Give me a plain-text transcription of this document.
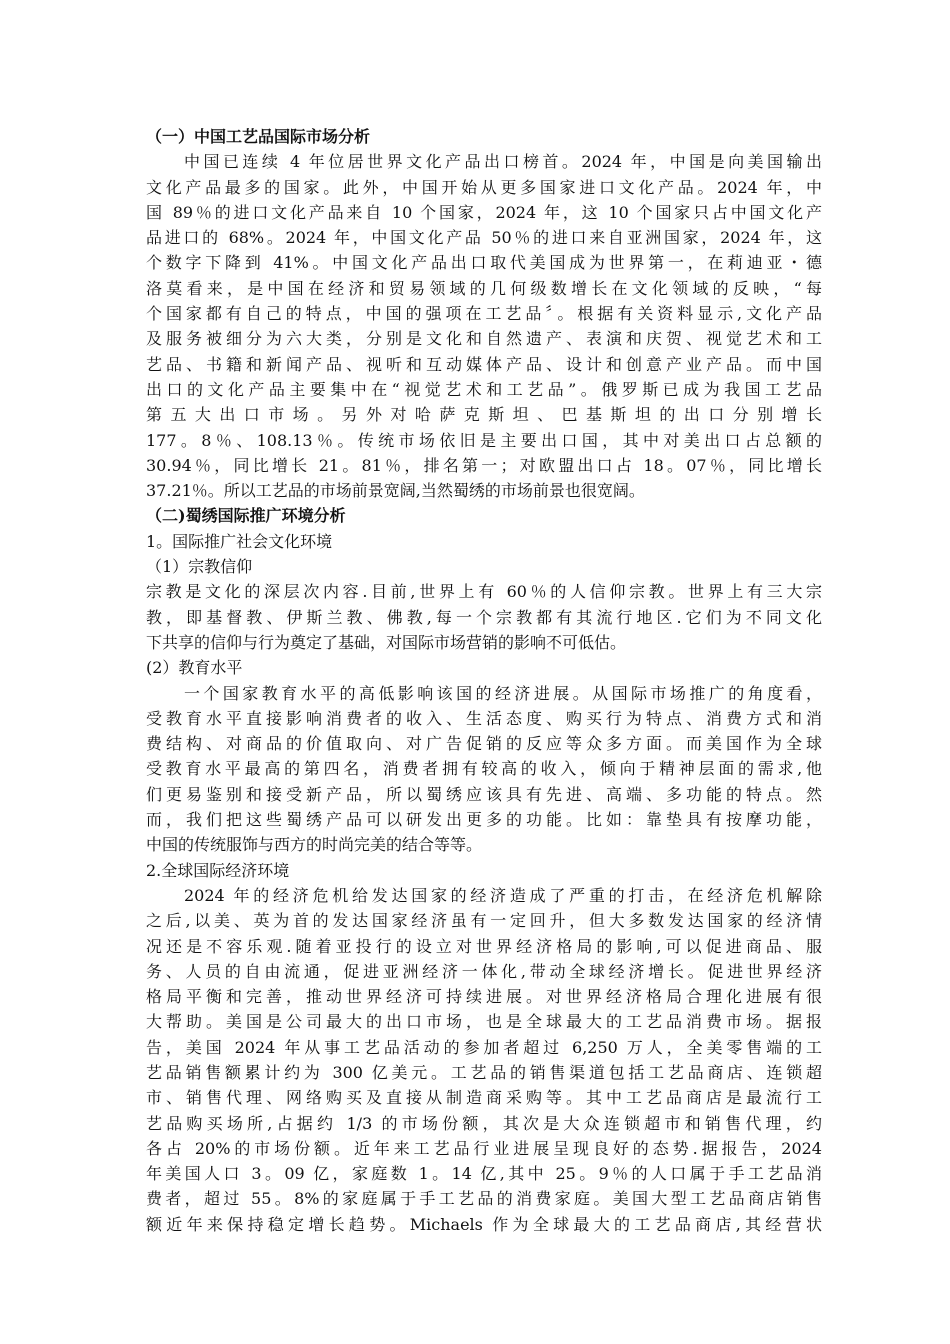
（一）中国工艺品国际市场分析
中国已连续 4 年位居世界文化产品出口榜首。2024 年，中国是向美国输出
文化产品最多的国家。此外，中国开始从更多国家进口文化产品。2024 年，中
国 89％的进口文化产品来自 10 个国家，2024 年，这 10 个国家只占中国文化产
品进口的 68%。2024 年，中国文化产品 50％的进口来自亚洲国家，2024 年，这
个数字下降到 41%。中国文化产品出口取代美国成为世界第一，在莉迪亚・德
洛莫看来，是中国在经济和贸易领域的几何级数增长在文化领域的反映，“每
个国家都有自己的特点，中国的强项在工艺品〞。根据有关资料显示,文化产品
及服务被细分为六大类，分别是文化和自然遗产、表演和庆贺、视觉艺术和工
艺品、书籍和新闻产品、视听和互动媒体产品、设计和创意产业产品。而中国
出口的文化产品主要集中在“视觉艺术和工艺品”。俄罗斯已成为我国工艺品
第五大出口市场。另外对哈萨克斯坦、巴基斯坦的出口分别增长
177。8％、108.13％。传统市场依旧是主要出口国，其中对美出口占总额的
30.94％，同比增长 21。81％，排名第一；对欧盟出口占 18。07％，同比增长
37.21％。所以工艺品的市场前景宽阔,当然蜀绣的市场前景也很宽阔。
（二)蜀绣国际推广环境分析
1。国际推广社会文化环境
（1）宗教信仰
宗教是文化的深层次内容.目前,世界上有 60％的人信仰宗教。世界上有三大宗
教，即基督教、伊斯兰教、佛教,每一个宗教都有其流行地区.它们为不同文化
下共享的信仰与行为奠定了基础，对国际市场营销的影响不可低估。
(2）教育水平
一个国家教育水平的高低影响该国的经济进展。从国际市场推广的角度看，
受教育水平直接影响消费者的收入、生活态度、购买行为特点、消费方式和消
费结构、对商品的价值取向、对广告促销的反应等众多方面。而美国作为全球
受教育水平最高的第四名，消费者拥有较高的收入，倾向于精神层面的需求,他
们更易鉴别和接受新产品，所以蜀绣应该具有先进、高端、多功能的特点。然
而，我们把这些蜀绣产品可以研发出更多的功能。比如：靠垫具有按摩功能，
中国的传统服饰与西方的时尚完美的结合等等。
2.全球国际经济环境
2024 年的经济危机给发达国家的经济造成了严重的打击，在经济危机解除
之后,以美、英为首的发达国家经济虽有一定回升，但大多数发达国家的经济情
况还是不容乐观.随着亚投行的设立对世界经济格局的影响,可以促进商品、服
务、人员的自由流通，促进亚洲经济一体化,带动全球经济增长。促进世界经济
格局平衡和完善，推动世界经济可持续进展。对世界经济格局合理化进展有很
大帮助。美国是公司最大的出口市场，也是全球最大的工艺品消费市场。据报
告，美国 2024 年从事工艺品活动的参加者超过 6,250 万人，全美零售端的工
艺品销售额累计约为 300 亿美元。工艺品的销售渠道包括工艺品商店、连锁超
市、销售代理、网络购买及直接从制造商采购等。其中工艺品商店是最流行工
艺品购买场所,占据约 1/3 的市场份额，其次是大众连锁超市和销售代理，约
各占 20%的市场份额。近年来工艺品行业进展呈现良好的态势.据报告，2024
年美国人口 3。09 亿，家庭数 1。14 亿,其中 25。9％的人口属于手工艺品消
费者，超过 55。8%的家庭属于手工艺品的消费家庭。美国大型工艺品商店销售
额近年来保持稳定增长趋势。Michaels 作为全球最大的工艺品商店,其经营状
